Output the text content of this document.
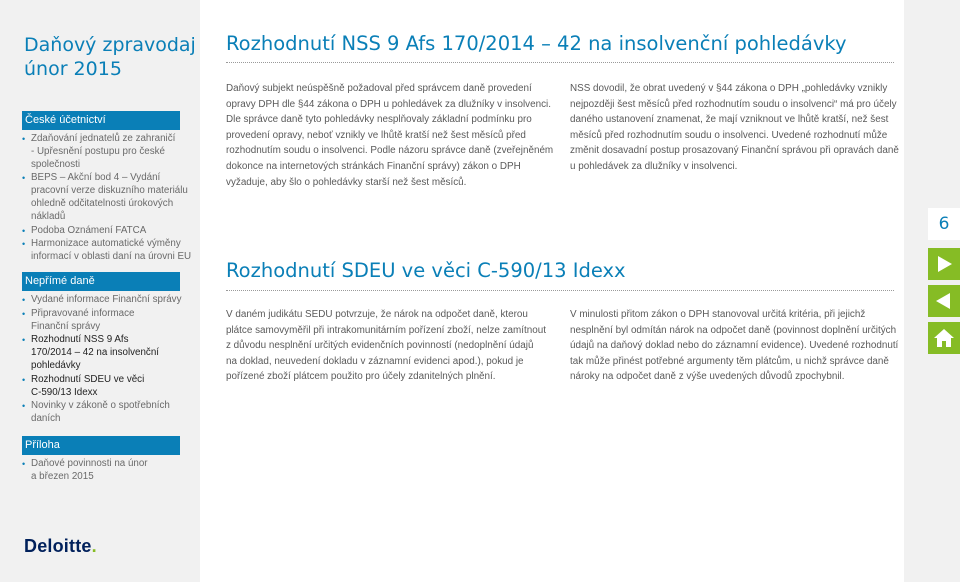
Daňový zpravodaj
únor 2015
České účetnictví
• Zdaňování jednatelů ze zahraničí
- Upřesnění postupu pro české
společnosti
• BEPS – Akční bod 4 – Vydání
pracovní verze diskuzního materiálu
ohledně odčitatelnosti úrokových
nákladů
• Podoba Oznámení FATCA
• Harmonizace automatické výměny
informací v oblasti daní na úrovni EU
Nepřímé daně
• Vydané informace Finanční správy
• Připravované informace
Finanční správy
• Rozhodnutí NSS 9 Afs
170/2014 – 42 na insolvenční
pohledávky
• Rozhodnutí SDEU ve věci
C-590/13 Idexx
• Novinky v zákoně o spotřebních
daních
Příloha
• Daňové povinnosti na únor
a březen 2015
Deloitte.
6
Rozhodnutí NSS 9 Afs 170/2014 – 42 na insolvenční pohledávky
Daňový subjekt neúspěšně požadoval před správcem daně provedení
opravy DPH dle §44 zákona o DPH u pohledávek za dlužníky v insolvenci.
Dle správce daně tyto pohledávky nesplňovaly základní podmínku pro
provedení opravy, neboť vznikly ve lhůtě kratší než šest měsíců před
rozhodnutím soudu o insolvenci. Podle názoru správce daně (zveřejněném
dokonce na internetových stránkách Finanční správy) zákon o DPH
vyžaduje, aby šlo o pohledávky starší než šest měsíců.
NSS dovodil, že obrat uvedený v §44 zákona o DPH „pohledávky vznikly
nejpozději šest měsíců před rozhodnutím soudu o insolvenci“ má pro účely
daného ustanovení znamenat, že mají vzniknout ve lhůtě kratší, než šest
měsíců před rozhodnutím soudu o insolvenci. Uvedené rozhodnutí může
změnit dosavadní postup prosazovaný Finanční správou při opravách daně
u pohledávek za dlužníky v insolvenci.
Rozhodnutí SDEU ve věci C-590/13 Idexx
V daném judikátu SEDU potvrzuje, že nárok na odpočet daně, kterou
plátce samovyměřil při intrakomunitárním pořízení zboží, nelze zamítnout
z důvodu nesplnění určitých evidenčních povinností (nedoplnění údajů
na doklad, neuvedení dokladu v záznamní evidenci apod.), pokud je
pořízené zboží plátcem použito pro účely zdanitelných plnění.
V minulosti přitom zákon o DPH stanovoval určitá kritéria, při jejichž
nesplnění byl odmítán nárok na odpočet daně (povinnost doplnění určitých
údajů na daňový doklad nebo do záznamní evidence). Uvedené rozhodnutí
tak může přinést potřebné argumenty těm plátcům, u nichž správce daně
nároky na odpočet daně z výše uvedených důvodů zpochybnil.
